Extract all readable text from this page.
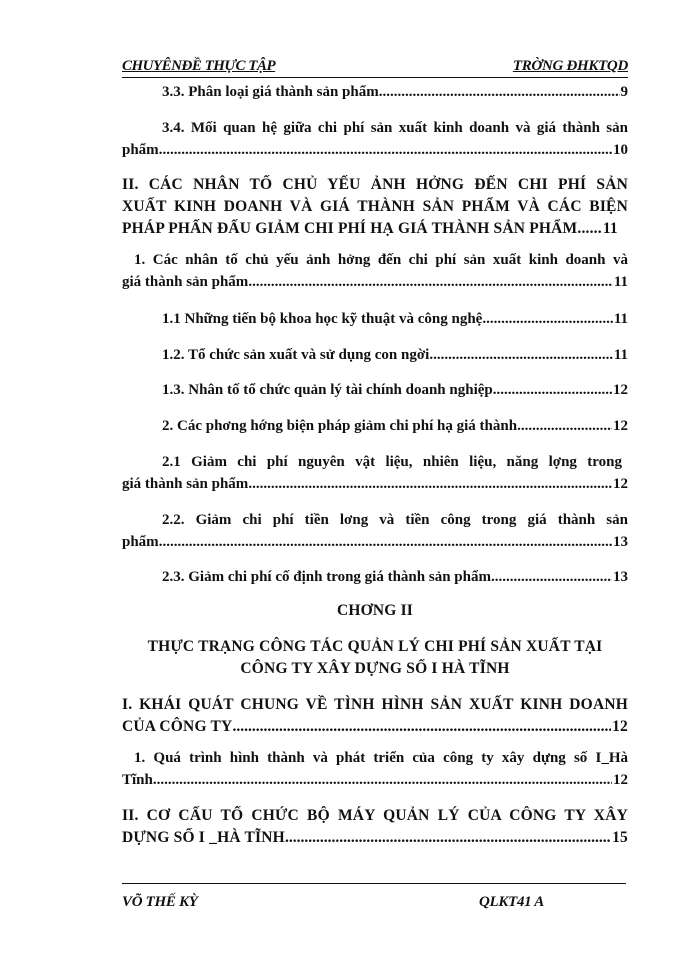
CHUYÊNĐỀ THỰC TẬP	TRỜNG ĐHKTQD
3.3. Phân loại giá thành sản phẩm .....	9
3.4. Mối quan hệ giữa chi phí sản xuất kinh doanh và giá thành sản
phẩm .....	10
II. CÁC NHÂN TỐ CHỦ YẾU ẢNH HỞNG ĐẾN CHI PHÍ SẢN
XUẤT KINH DOANH VÀ GIÁ THÀNH SẢN PHẨM VÀ CÁC BIỆN
PHÁP PHẤN ĐẤU GIẢM CHI PHÍ HẠ GIÁ THÀNH SẢN PHẨM...... 11
1. Các nhân tố chủ yếu ảnh hởng đến chi phí sản xuất kinh doanh và
giá thành sản phẩm .....	11
1.1 Những tiến bộ khoa học kỹ thuật và công nghệ .....	11
1.2. Tổ chức sản xuất và sử dụng con ngời .....	11
1.3. Nhân tố tổ chức quản lý tài chính doanh nghiệp .....	12
2. Các phơng hớng biện pháp giảm chi phí hạ giá thành .....	12
2.1 Giảm chi phí nguyên vật liệu, nhiên liệu, năng lợng trong
giá thành sản phẩm .....	12
2.2. Giảm chi phí tiền lơng và tiền công trong giá thành sản
phẩm .....	13
2.3. Giảm chi phí cố định trong giá thành sản phẩm .....	13
CHƠNG II
THỰC TRẠNG CÔNG TÁC QUẢN LÝ CHI PHÍ SẢN XUẤT TẠI
CÔNG TY XÂY DỰNG SỐ I HÀ TĨNH
I. KHÁI QUÁT CHUNG VỀ TÌNH HÌNH SẢN XUẤT KINH DOANH
CỦA CÔNG TY .....	12
1. Quá trình hình thành và phát triển của công ty xây dựng số I_Hà
Tĩnh .....	12
II. CƠ CẤU TỔ CHỨC BỘ MÁY QUẢN LÝ CỦA CÔNG TY XÂY
DỰNG SỐ I _HÀ TĨNH .....	15
VÕ THẾ KỲ	QLKT41 A
